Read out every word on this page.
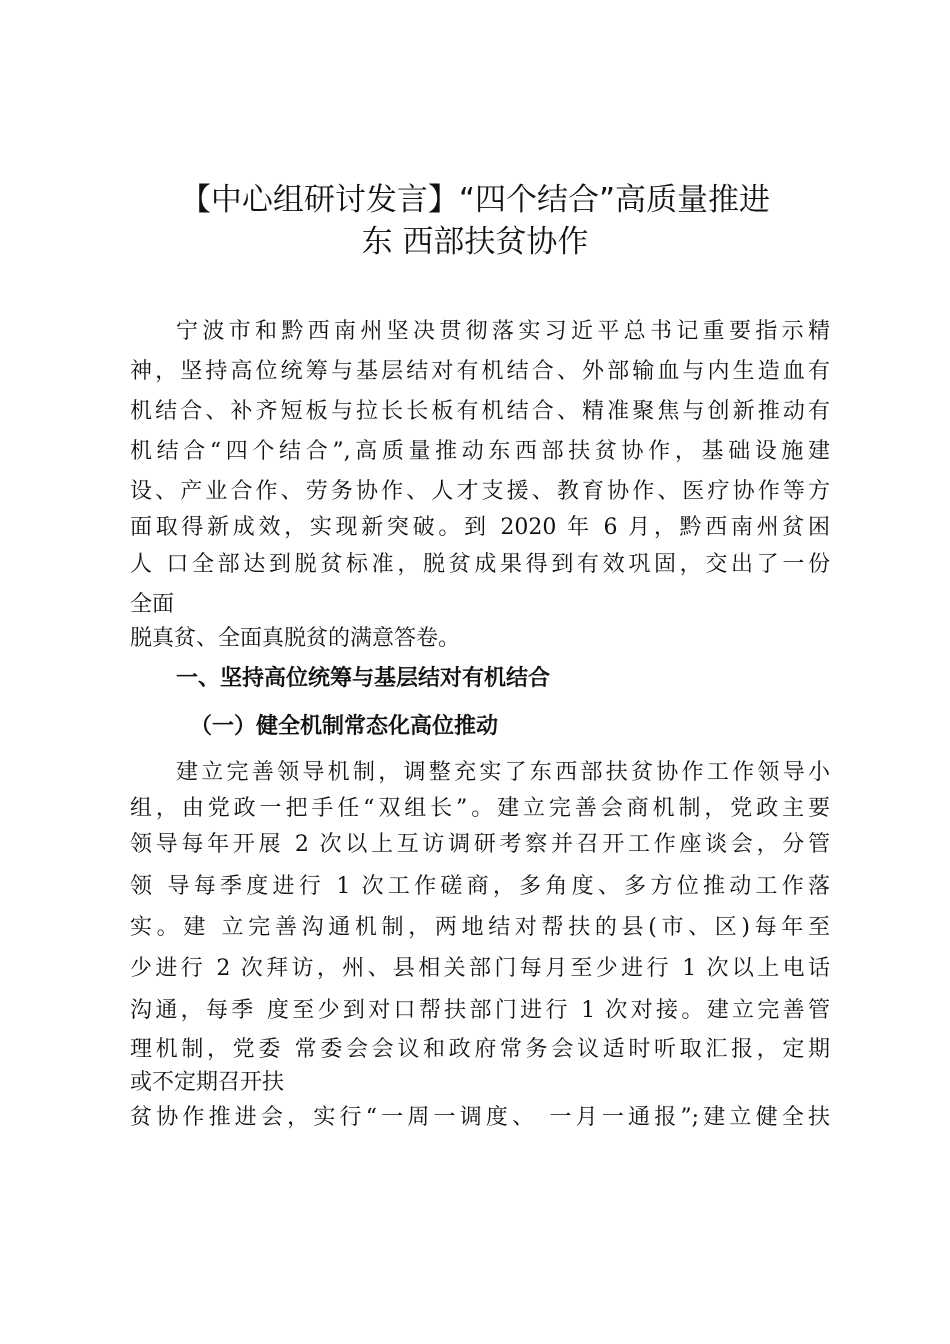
【中心组研讨发言】“四个结合”高质量推进
东 西部扶贫协作
宁波市和黔西南州坚决贯彻落实习近平总书记重要指示精
神，坚持高位统筹与基层结对有机结合、外部输血与内生造血有
机结合、补齐短板与拉长长板有机结合、精准聚焦与创新推动有
机结合“四个结合”,高质量推动东西部扶贫协作，基础设施建
设、产业合作、劳务协作、人才支援、教育协作、医疗协作等方
面取得新成效，实现新突破。到 2020 年 6 月，黔西南州贫困
人 口全部达到脱贫标准，脱贫成果得到有效巩固，交出了一份
全面
脱真贫、全面真脱贫的满意答卷。
一、坚持高位统筹与基层结对有机结合
（一）健全机制常态化高位推动
建立完善领导机制，调整充实了东西部扶贫协作工作领导小
组，由党政一把手任“双组长”。建立完善会商机制，党政主要
领导每年开展 2 次以上互访调研考察并召开工作座谈会，分管
领 导每季度进行 1 次工作磋商，多角度、多方位推动工作落
实。建 立完善沟通机制，两地结对帮扶的县(市、区)每年至
少进行 2 次拜访，州、县相关部门每月至少进行 1 次以上电话
沟通，每季 度至少到对口帮扶部门进行 1 次对接。建立完善管
理机制，党委 常委会会议和政府常务会议适时听取汇报，定期
或不定期召开扶
贫协作推进会，实行“一周一调度、 一月一通报”;建立健全扶
